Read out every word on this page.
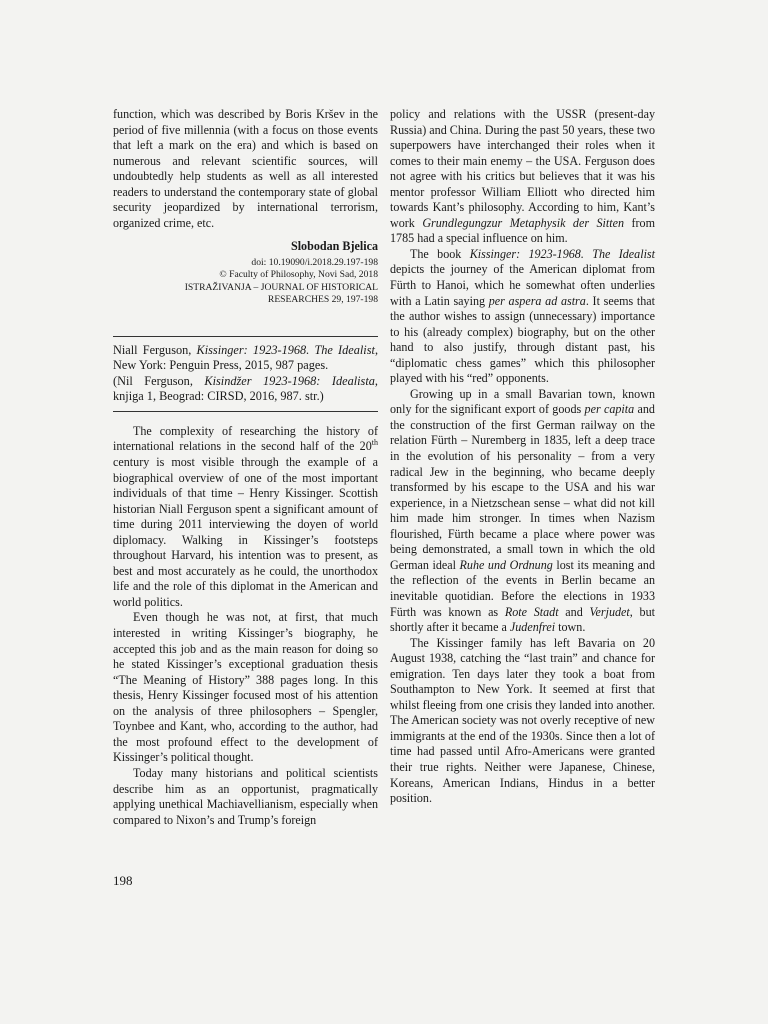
function, which was described by Boris Kršev in the period of five millennia (with a focus on those events that left a mark on the era) and which is based on numerous and relevant scientific sources, will undoubtedly help students as well as all interested readers to understand the contemporary state of global security jeopardized by international terrorism, organized crime, etc.

Slobodan Bjelica
doi: 10.19090/i.2018.29.197-198
© Faculty of Philosophy, Novi Sad, 2018
ISTRAŽIVANJA – JOURNAL OF HISTORICAL
RESEARCHES 29, 197-198
Niall Ferguson, Kissinger: 1923-1968. The Idealist, New York: Penguin Press, 2015, 987 pages.
(Nil Ferguson, Kisindžer 1923-1968: Idealista, knjiga 1, Beograd: CIRSD, 2016, 987. str.)

The complexity of researching the history of international relations in the second half of the 20th century is most visible through the example of a biographical overview of one of the most important individuals of that time – Henry Kissinger. Scottish historian Niall Ferguson spent a significant amount of time during 2011 interviewing the doyen of world diplomacy. Walking in Kissinger’s footsteps throughout Harvard, his intention was to present, as best and most accurately as he could, the unorthodox life and the role of this diplomat in the American and world politics.

Even though he was not, at first, that much interested in writing Kissinger’s biography, he accepted this job and as the main reason for doing so he stated Kissinger’s exceptional graduation thesis “The Meaning of History” 388 pages long. In this thesis, Henry Kissinger focused most of his attention on the analysis of three philosophers – Spengler, Toynbee and Kant, who, according to the author, had the most profound effect to the development of Kissinger’s political thought.

Today many historians and political scientists describe him as an opportunist, pragmatically applying unethical Machiavellianism, especially when compared to Nixon’s and Trump’s foreign

policy and relations with the USSR (present-day Russia) and China. During the past 50 years, these two superpowers have interchanged their roles when it comes to their main enemy – the USA. Ferguson does not agree with his critics but believes that it was his mentor professor William Elliott who directed him towards Kant’s philosophy. According to him, Kant’s work Grundlegungzur Metaphysik der Sitten from 1785 had a special influence on him.

The book Kissinger: 1923-1968. The Idealist depicts the journey of the American diplomat from Fürth to Hanoi, which he somewhat often underlies with a Latin saying per aspera ad astra. It seems that the author wishes to assign (unnecessary) importance to his (already complex) biography, but on the other hand to also justify, through distant past, his “diplomatic chess games” which this philosopher played with his “red” opponents.

Growing up in a small Bavarian town, known only for the significant export of goods per capita and the construction of the first German railway on the relation Fürth – Nuremberg in 1835, left a deep trace in the evolution of his personality – from a very radical Jew in the beginning, who became deeply transformed by his escape to the USA and his war experience, in a Nietzschean sense – what did not kill him made him stronger. In times when Nazism flourished, Fürth became a place where power was being demonstrated, a small town in which the old German ideal Ruhe und Ordnung lost its meaning and the reflection of the events in Berlin became an inevitable quotidian. Before the elections in 1933 Fürth was known as Rote Stadt and Verjudet, but shortly after it became a Judenfrei town.

The Kissinger family has left Bavaria on 20 August 1938, catching the “last train” and chance for emigration. Ten days later they took a boat from Southampton to New York. It seemed at first that whilst fleeing from one crisis they landed into another. The American society was not overly receptive of new immigrants at the end of the 1930s. Since then a lot of time had passed until Afro-Americans were granted their true rights. Neither were Japanese, Chinese, Koreans, American Indians, Hindus in a better position.

198
